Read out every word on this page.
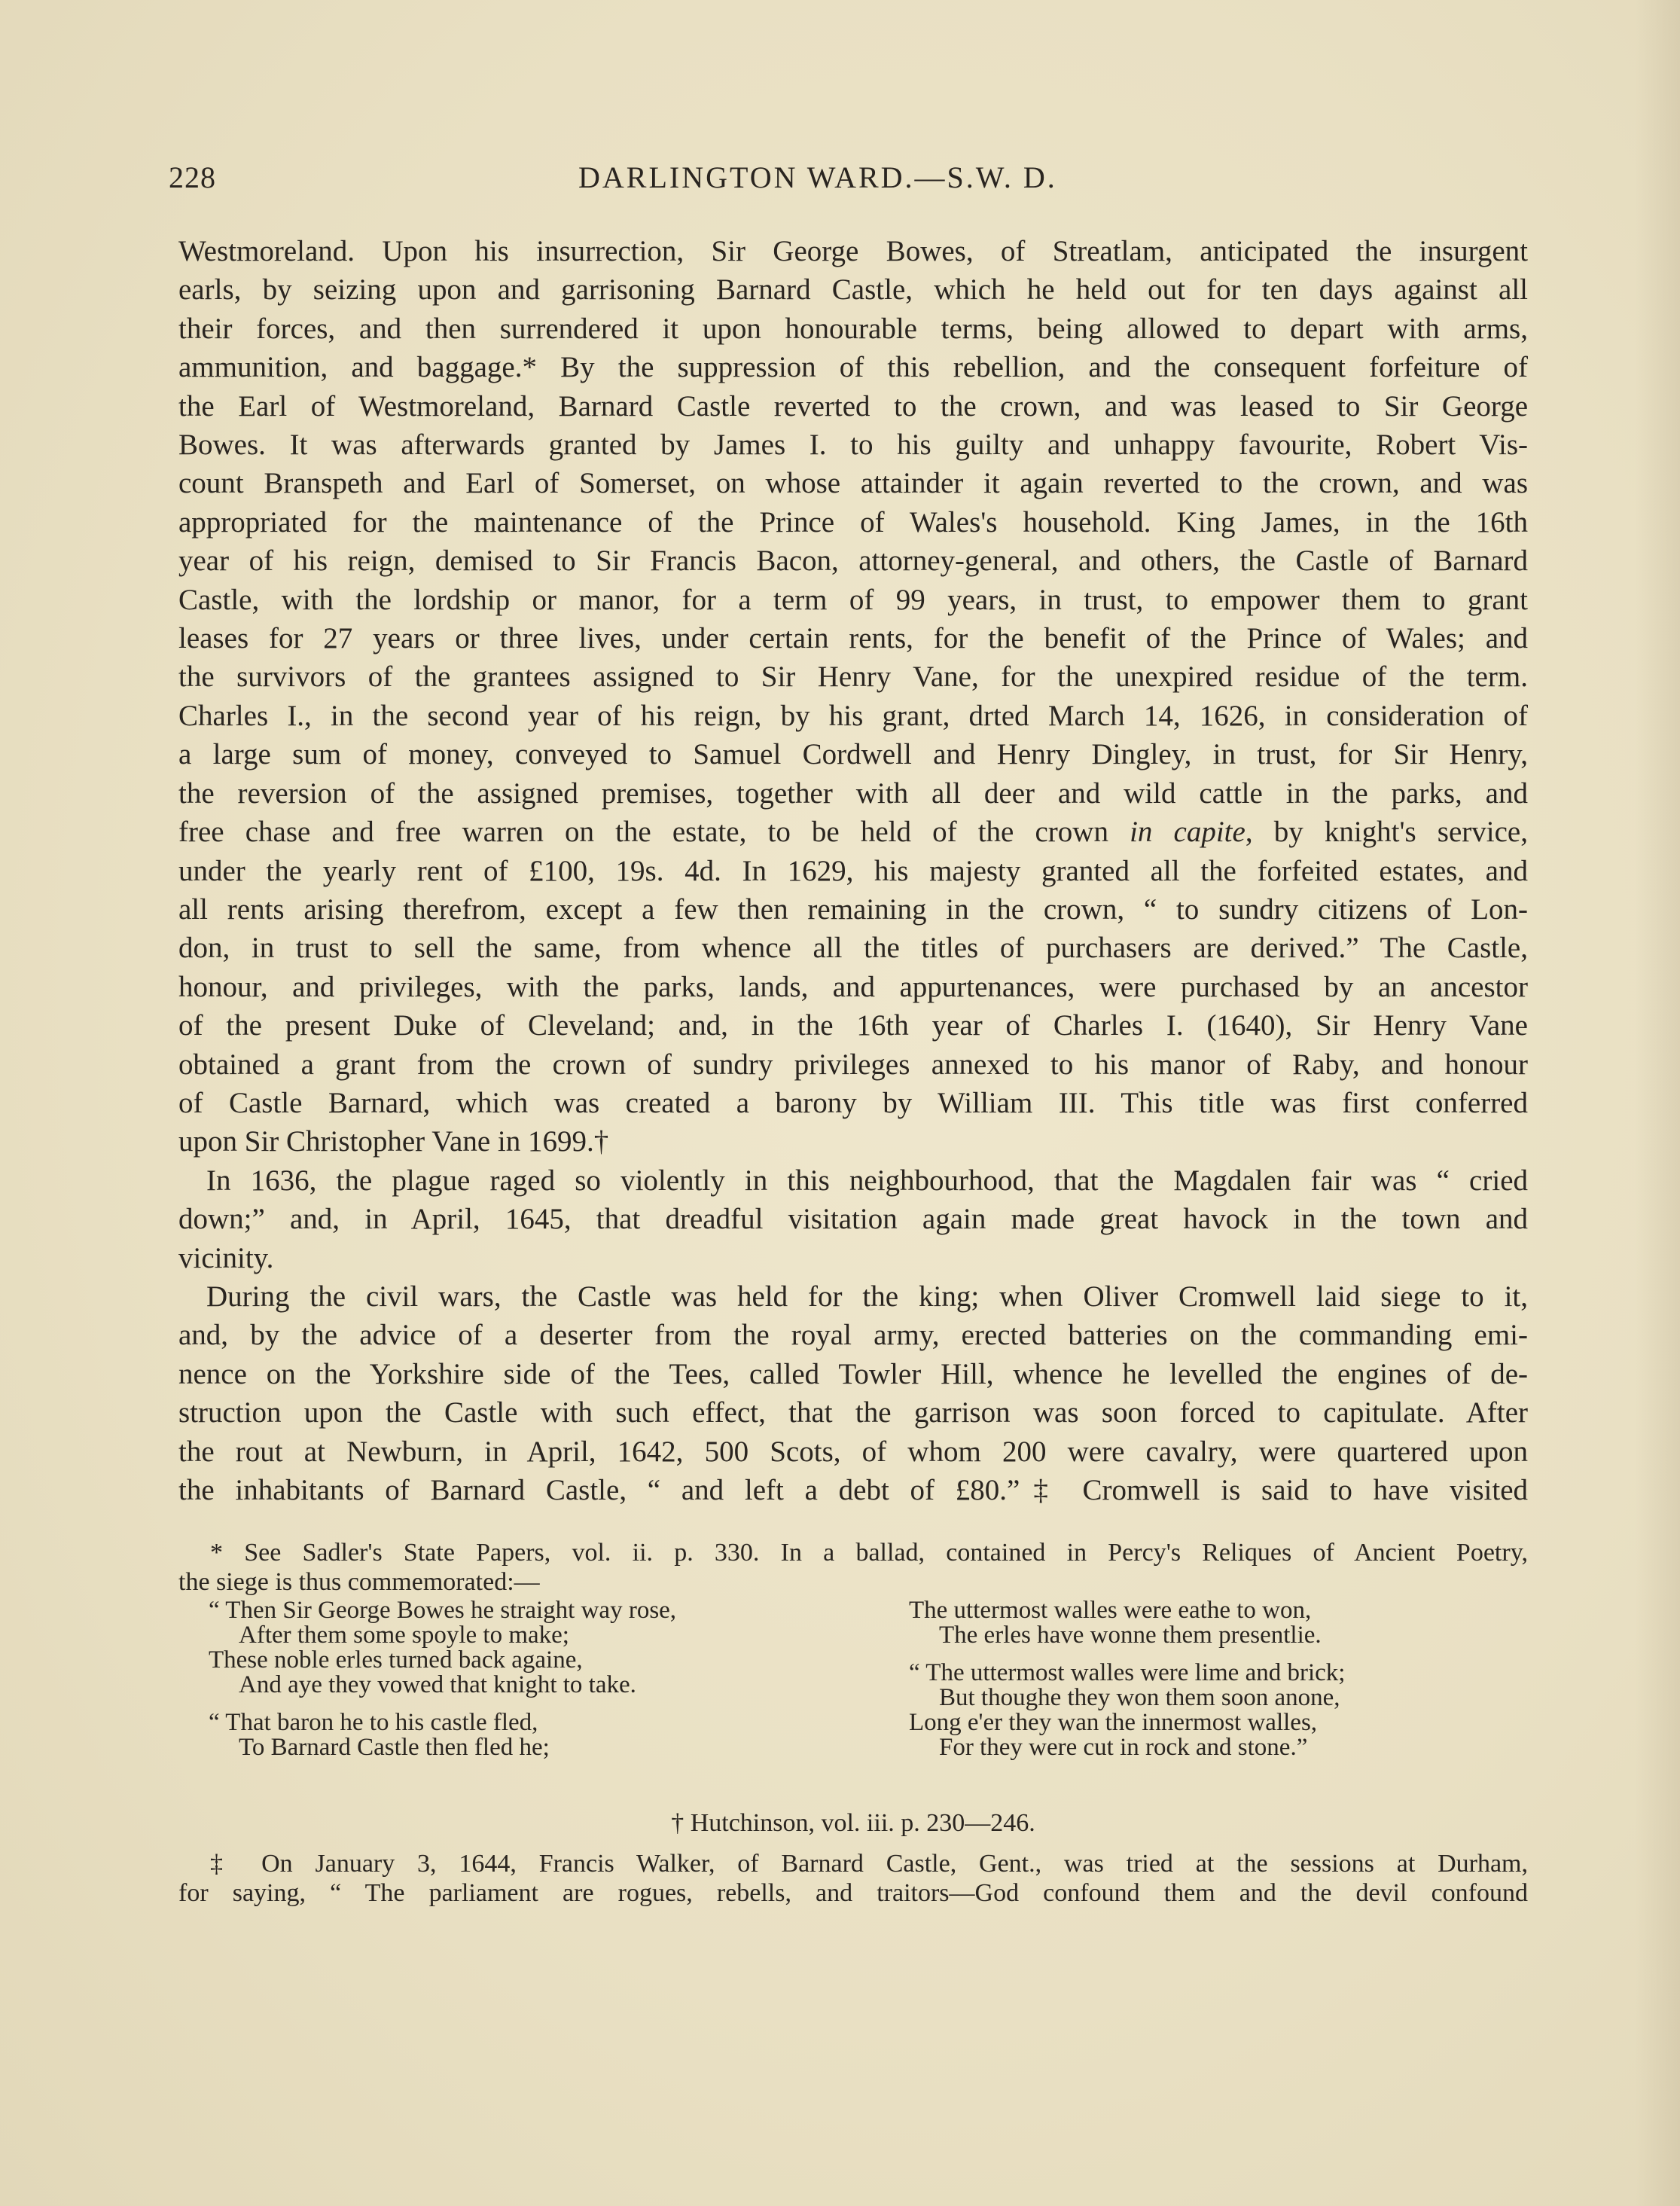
228	DARLINGTON WARD.—S.W. D.

Westmoreland. Upon his insurrection, Sir George Bowes, of Streatlam, anticipated the insurgent

earls, by seizing upon and garrisoning Barnard Castle, which he held out for ten days against all

their forces, and then surrendered it upon honourable terms, being allowed to depart with arms,

ammunition, and baggage.* By the suppression of this rebellion, and the consequent forfeiture of

the Earl of Westmoreland, Barnard Castle reverted to the crown, and was leased to Sir George

Bowes. It was afterwards granted by James I. to his guilty and unhappy favourite, Robert Vis-

count Branspeth and Earl of Somerset, on whose attainder it again reverted to the crown, and was

appropriated for the maintenance of the Prince of Wales's household. King James, in the 16th

year of his reign, demised to Sir Francis Bacon, attorney-general, and others, the Castle of Barnard

Castle, with the lordship or manor, for a term of 99 years, in trust, to empower them to grant

leases for 27 years or three lives, under certain rents, for the benefit of the Prince of Wales; and

the survivors of the grantees assigned to Sir Henry Vane, for the unexpired residue of the term.

Charles I., in the second year of his reign, by his grant, drted March 14, 1626, in consideration of

a large sum of money, conveyed to Samuel Cordwell and Henry Dingley, in trust, for Sir Henry,

the reversion of the assigned premises, together with all deer and wild cattle in the parks, and

free chase and free warren on the estate, to be held of the crown in capite, by knight's service,

under the yearly rent of £100, 19s. 4d. In 1629, his majesty granted all the forfeited estates, and

all rents arising therefrom, except a few then remaining in the crown, “ to sundry citizens of Lon-

don, in trust to sell the same, from whence all the titles of purchasers are derived.” The Castle,

honour, and privileges, with the parks, lands, and appurtenances, were purchased by an ancestor

of the present Duke of Cleveland; and, in the 16th year of Charles I. (1640), Sir Henry Vane

obtained a grant from the crown of sundry privileges annexed to his manor of Raby, and honour

of Castle Barnard, which was created a barony by William III. This title was first conferred

upon Sir Christopher Vane in 1699.†

In 1636, the plague raged so violently in this neighbourhood, that the Magdalen fair was “ cried

down;” and, in April, 1645, that dreadful visitation again made great havock in the town and

vicinity.

During the civil wars, the Castle was held for the king; when Oliver Cromwell laid siege to it,

and, by the advice of a deserter from the royal army, erected batteries on the commanding emi-

nence on the Yorkshire side of the Tees, called Towler Hill, whence he levelled the engines of de-

struction upon the Castle with such effect, that the garrison was soon forced to capitulate. After

the rout at Newburn, in April, 1642, 500 Scots, of whom 200 were cavalry, were quartered upon

the inhabitants of Barnard Castle, “ and left a debt of £80.”‡ Cromwell is said to have visited

* See Sadler's State Papers, vol. ii. p. 330. In a ballad, contained in Percy's Reliques of Ancient Poetry,

the siege is thus commemorated:—

“ Then Sir George Bowes he straight way rose,
After them some spoyle to make;
These noble erles turned back againe,
And aye they vowed that knight to take.
“ That baron he to his castle fled,
To Barnard Castle then fled he;
The uttermost walles were eathe to won,
The erles have wonne them presentlie.
“ The uttermost walles were lime and brick;
But thoughe they won them soon anone,
Long e'er they wan the innermost walles,
For they were cut in rock and stone.”

† Hutchinson, vol. iii. p. 230—246.

‡ On January 3, 1644, Francis Walker, of Barnard Castle, Gent., was tried at the sessions at Durham,

for saying, “ The parliament are rogues, rebells, and traitors—God confound them and the devil confound
